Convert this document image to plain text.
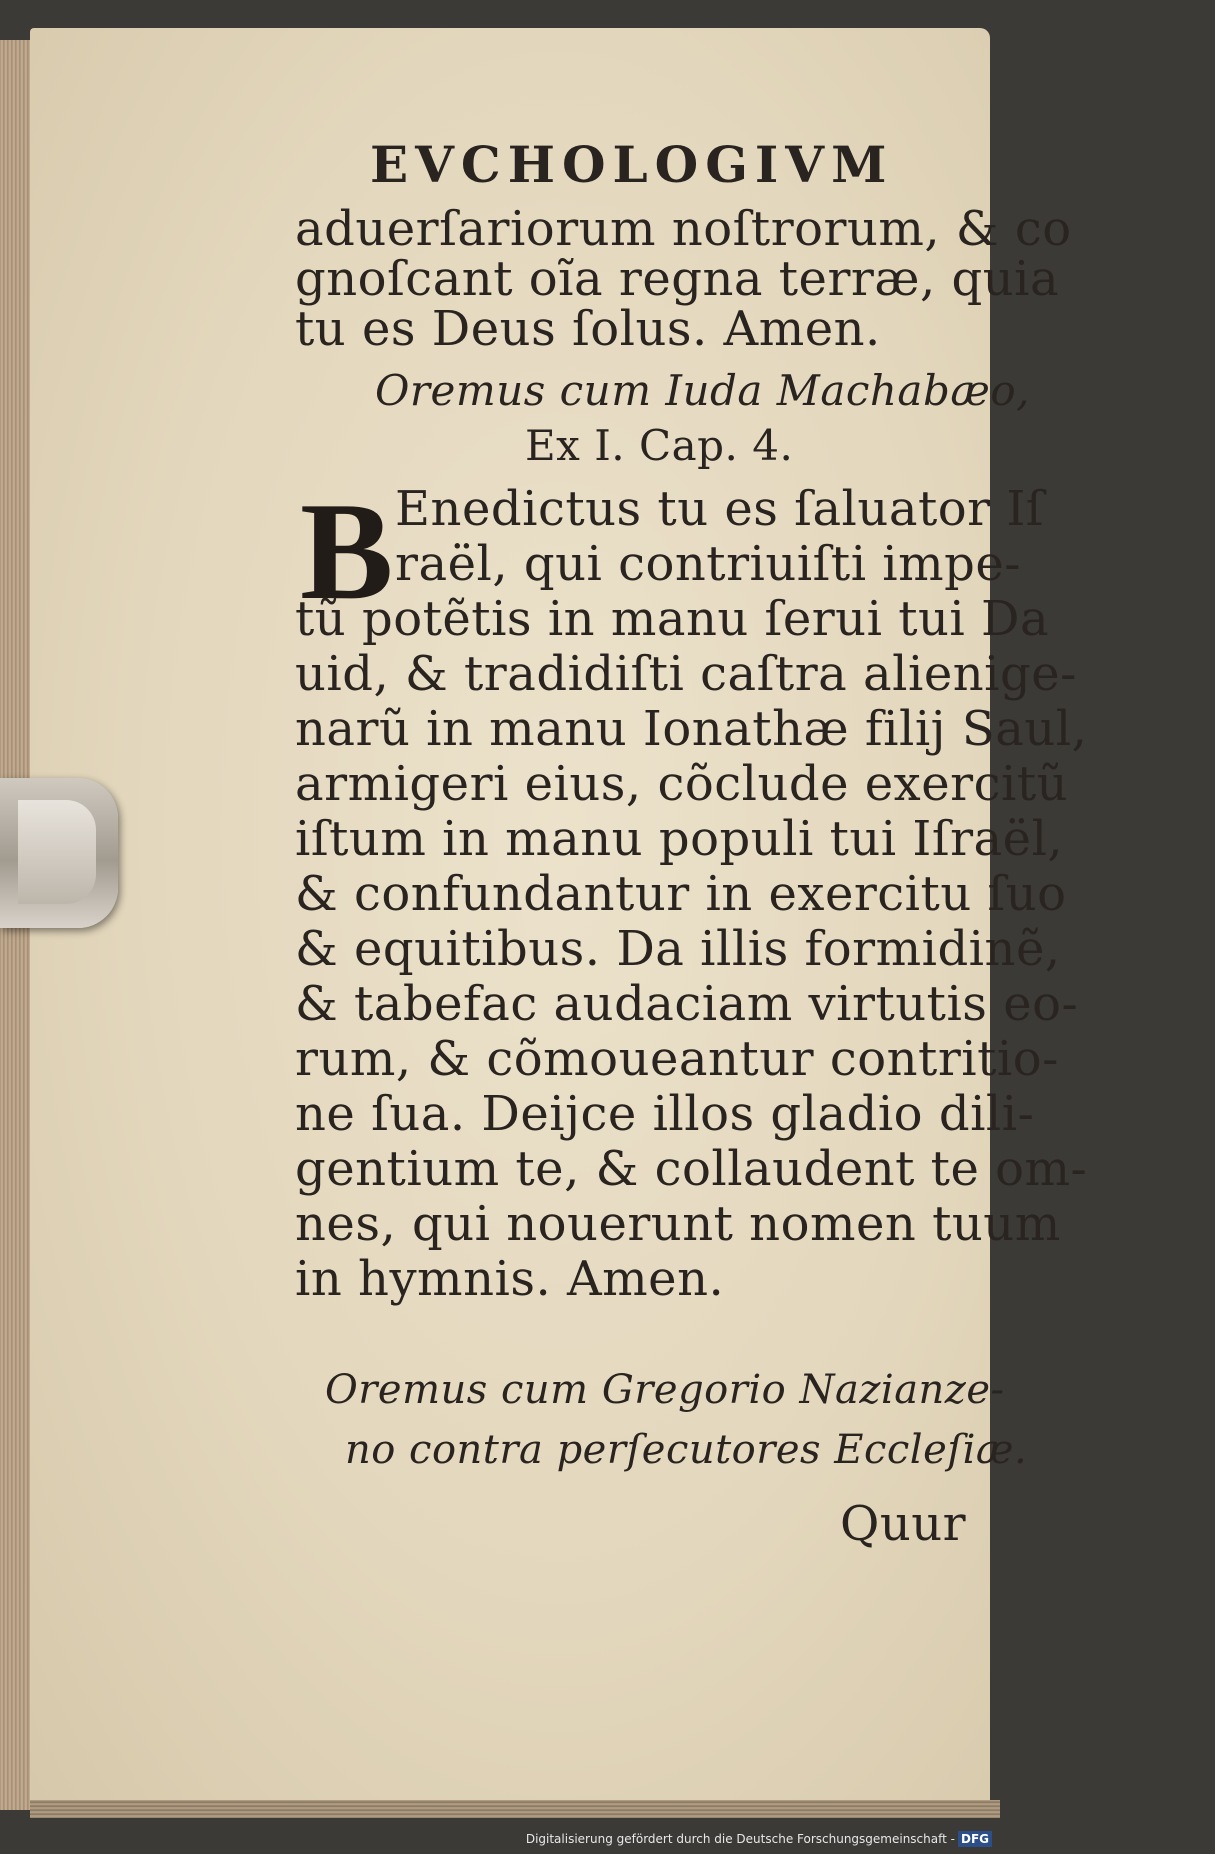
EVCHOLOGIVM
aduerſariorum noſtrorum, & co
gnoſcant oĩa regna terræ, quia
tu es Deus ſolus. Amen.
Oremus cum Iuda Machabæo,
Ex I. Cap. 4.
B Enedictus tu es ſaluator Iſ
raël, qui contriuiſti impe-
tũ potẽtis in manu ſerui tui Da
uid, & tradidiſti caſtra alienige-
narũ in manu Ionathæ filij Saul,
armigeri eius, cõclude exercitũ
iſtum in manu populi tui Iſraël,
& confundantur in exercitu ſuo
& equitibus. Da illis formidinẽ,
& tabefac audaciam virtutis eo-
rum, & cõmoueantur contritio-
ne ſua. Deijce illos gladio dili-
gentium te, & collaudent te om-
nes, qui nouerunt nomen tuum
in hymnis. Amen.
Oremus cum Gregorio Nazianze-
no contra perſecutores Eccleſiæ.
Quur
Digitalisierung gefördert durch die Deutsche Forschungsgemeinschaft - DFG
